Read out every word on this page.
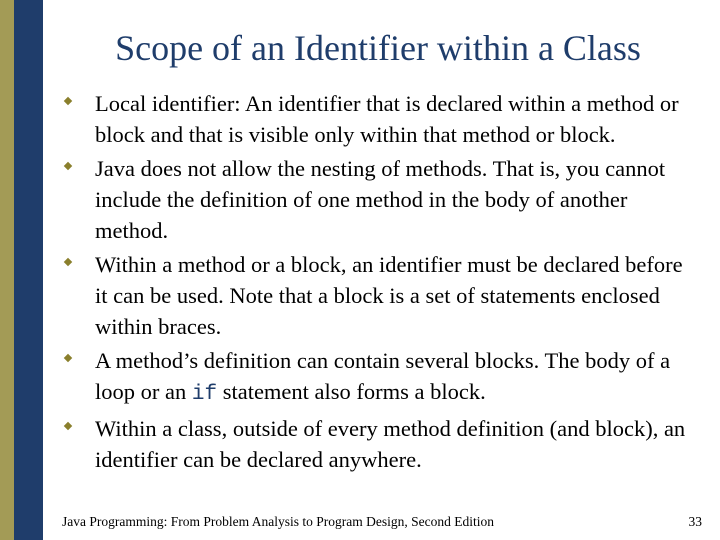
Scope of an Identifier within a Class
Local identifier: An identifier that is declared within a method or block and that is visible only within that method or block.
Java does not allow the nesting of methods. That is, you cannot include the definition of one method in the body of another method.
Within a method or a block, an identifier must be declared before it can be used. Note that a block is a set of statements enclosed within braces.
A method’s definition can contain several blocks. The body of a loop or an if statement also forms a block.
Within a class, outside of every method definition (and block), an identifier can be declared anywhere.
Java Programming: From Problem Analysis to Program Design, Second Edition	33
